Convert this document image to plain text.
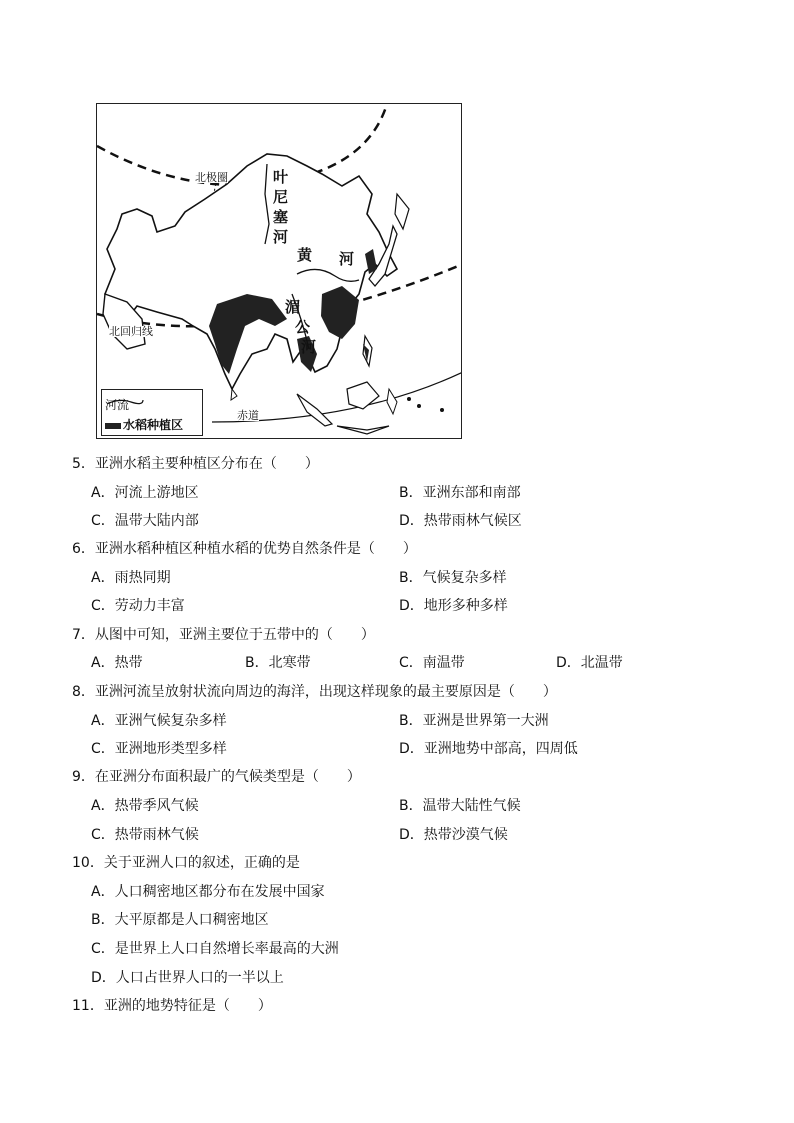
北极圈
北回归线
赤道
叶
尼
塞
河
黄 河
湄
公
河
河流
水稻种植区
5．亚洲水稻主要种植区分布在（　　）
A．河流上游地区	B．亚洲东部和南部
C．温带大陆内部	D．热带雨林气候区
6．亚洲水稻种植区种植水稻的优势自然条件是（　　）
A．雨热同期	B．气候复杂多样
C．劳动力丰富	D．地形多种多样
7．从图中可知，亚洲主要位于五带中的（　　）
A．热带	B．北寒带	C．南温带	D．北温带
8．亚洲河流呈放射状流向周边的海洋，出现这样现象的最主要原因是（　　）
A．亚洲气候复杂多样	B．亚洲是世界第一大洲
C．亚洲地形类型多样	D．亚洲地势中部高，四周低
9．在亚洲分布面积最广的气候类型是（　　）
A．热带季风气候	B．温带大陆性气候
C．热带雨林气候	D．热带沙漠气候
10．关于亚洲人口的叙述，正确的是
A．人口稠密地区都分布在发展中国家
B．大平原都是人口稠密地区
C．是世界上人口自然增长率最高的大洲
D．人口占世界人口的一半以上
11．亚洲的地势特征是（　　）
